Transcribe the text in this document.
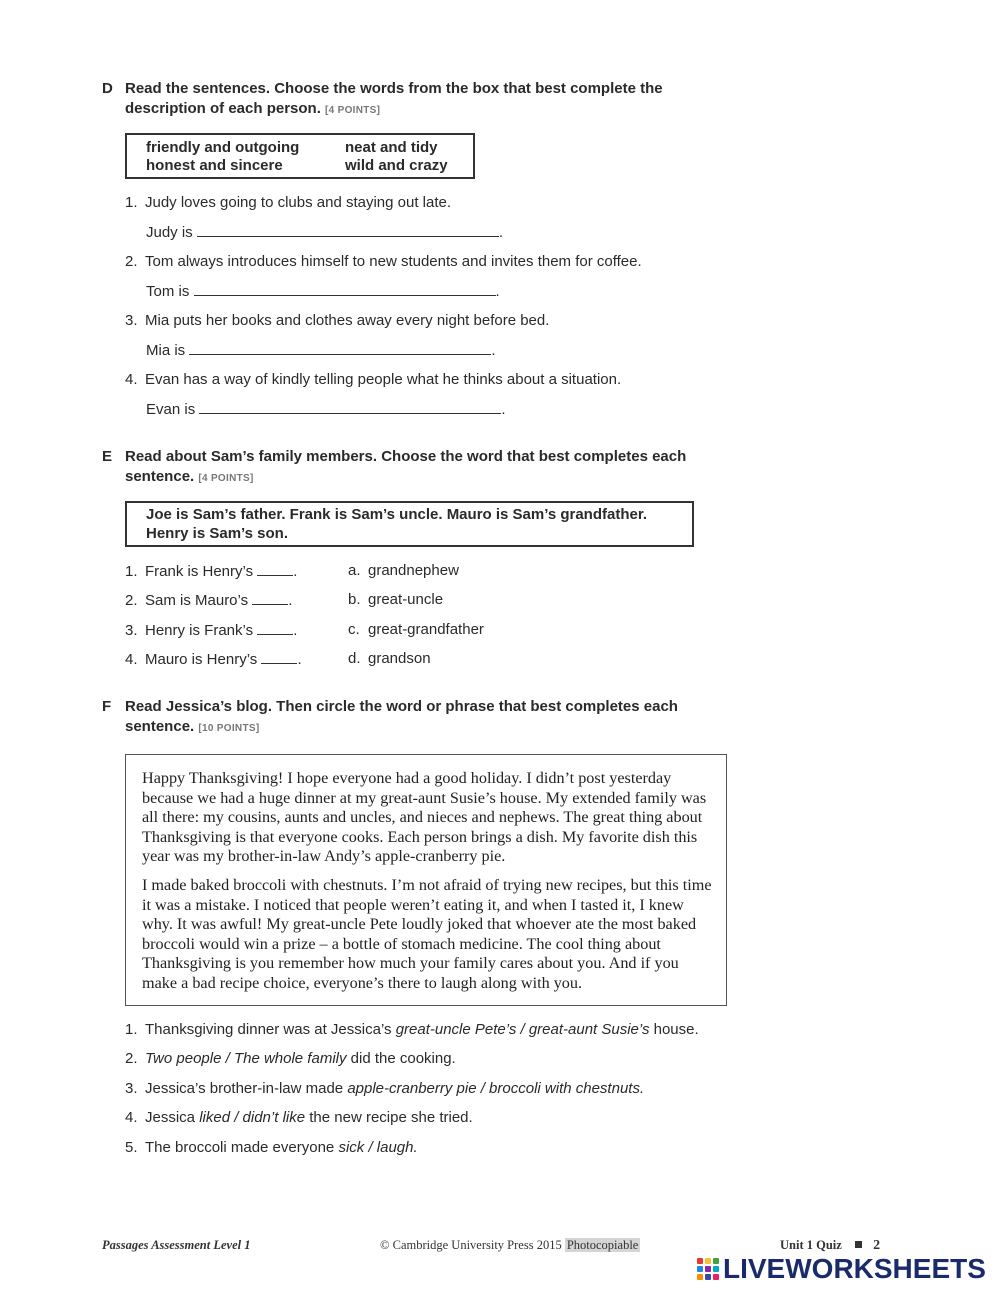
D Read the sentences. Choose the words from the box that best complete the
description of each person. [4 POINTS]
friendly and outgoing	neat and tidy
honest and sincere	wild and crazy
1. Judy loves going to clubs and staying out late.
Judy is	.
2. Tom always introduces himself to new students and invites them for coffee.
Tom is	.
3. Mia puts her books and clothes away every night before bed.
Mia is	.
4. Evan has a way of kindly telling people what he thinks about a situation.
Evan is	.
E Read about Sam’s family members. Choose the word that best completes each
sentence. [4 POINTS]
Joe is Sam’s father. Frank is Sam’s uncle. Mauro is Sam’s grandfather. Henry is Sam’s son.
1. Frank is Henry’s	.	a. grandnephew
2. Sam is Mauro’s	.	b. great-uncle
3. Henry is Frank’s	.	c. great-grandfather
4. Mauro is Henry’s	.	d. grandson
F Read Jessica’s blog. Then circle the word or phrase that best completes each
sentence. [10 POINTS]

Happy Thanksgiving! I hope everyone had a good holiday. I didn’t post yesterday because we had a huge dinner at my great-aunt Susie’s house. My extended family was all there: my cousins, aunts and uncles, and nieces and nephews. The great thing about Thanksgiving is that everyone cooks. Each person brings a dish. My favorite dish this year was my brother-in-law Andy’s apple-cranberry pie.

I made baked broccoli with chestnuts. I’m not afraid of trying new recipes, but this time it was a mistake. I noticed that people weren’t eating it, and when I tasted it, I knew why. It was awful! My great-uncle Pete loudly joked that whoever ate the most baked broccoli would win a prize – a bottle of stomach medicine. The cool thing about Thanksgiving is you remember how much your family cares about you. And if you make a bad recipe choice, everyone’s there to laugh along with you.

1. Thanksgiving dinner was at Jessica’s great-uncle Pete’s / great-aunt Susie’s house.
2. Two people / The whole family did the cooking.
3. Jessica’s brother-in-law made apple-cranberry pie / broccoli with chestnuts.
4. Jessica liked / didn’t like the new recipe she tried.
5. The broccoli made everyone sick / laugh.
Passages Assessment Level 1	© Cambridge University Press 2015 Photocopiable	Unit 1 Quiz 2
LIVEWORKSHEETS
